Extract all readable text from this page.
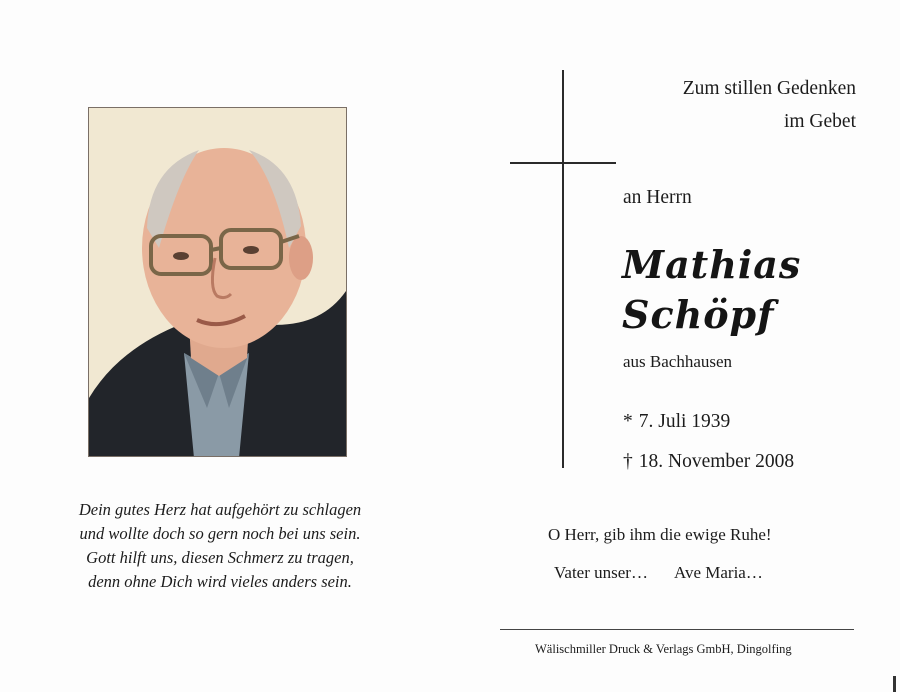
Dein gutes Herz hat aufgehört zu schlagen
und wollte doch so gern noch bei uns sein.
Gott hilft uns, diesen Schmerz zu tragen,
denn ohne Dich wird vieles anders sein.
Zum stillen Gedenken
im Gebet
an Herrn
Mathias
Schöpf
aus Bachhausen
* 7. Juli 1939
† 18. November 2008
O Herr, gib ihm die ewige Ruhe!
Vater unser… Ave Maria…
Wälischmiller Druck & Verlags GmbH, Dingolfing
